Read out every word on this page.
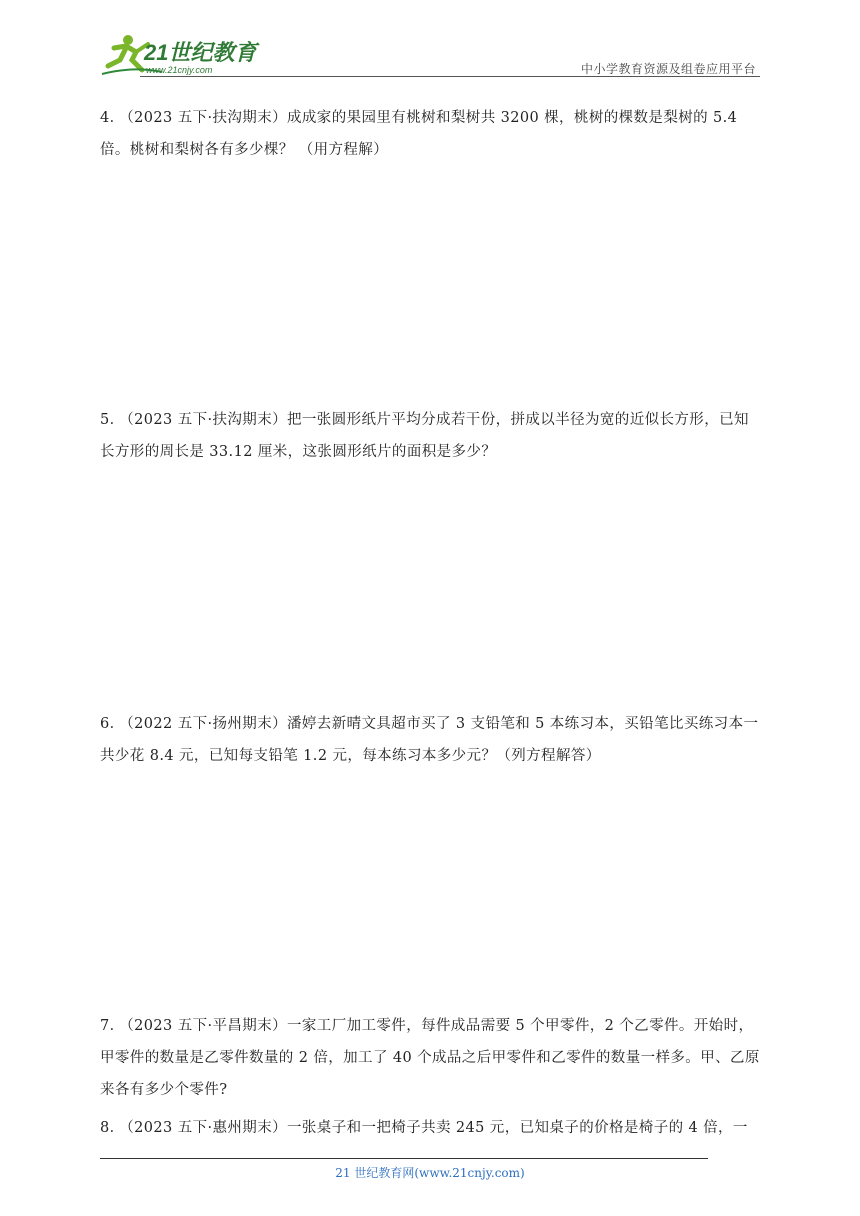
21世纪教育
www.21cnjy.com	中小学教育资源及组卷应用平台
4． （2023 五下·扶沟期末）成成家的果园里有桃树和梨树共 3200 棵，桃树的棵数是梨树的 5.4 倍。桃树和梨树各有多少棵？ （用方程解）
5． （2023 五下·扶沟期末）把一张圆形纸片平均分成若干份，拼成以半径为宽的近似长方形，已知长方形的周长是 33.12 厘米，这张圆形纸片的面积是多少？
6． （2022 五下·扬州期末）潘婷去新晴文具超市买了 3 支铅笔和 5 本练习本，买铅笔比买练习本一共少花 8.4 元，已知每支铅笔 1.2 元，每本练习本多少元？（列方程解答）
7． （2023 五下·平昌期末）一家工厂加工零件，每件成品需要 5 个甲零件，2 个乙零件。开始时，甲零件的数量是乙零件数量的 2 倍，加工了 40 个成品之后甲零件和乙零件的数量一样多。甲、乙原来各有多少个零件?
8． （2023 五下·惠州期末）一张桌子和一把椅子共卖 245 元，已知桌子的价格是椅子的 4 倍，一
21 世纪教育网(www.21cnjy.com)
